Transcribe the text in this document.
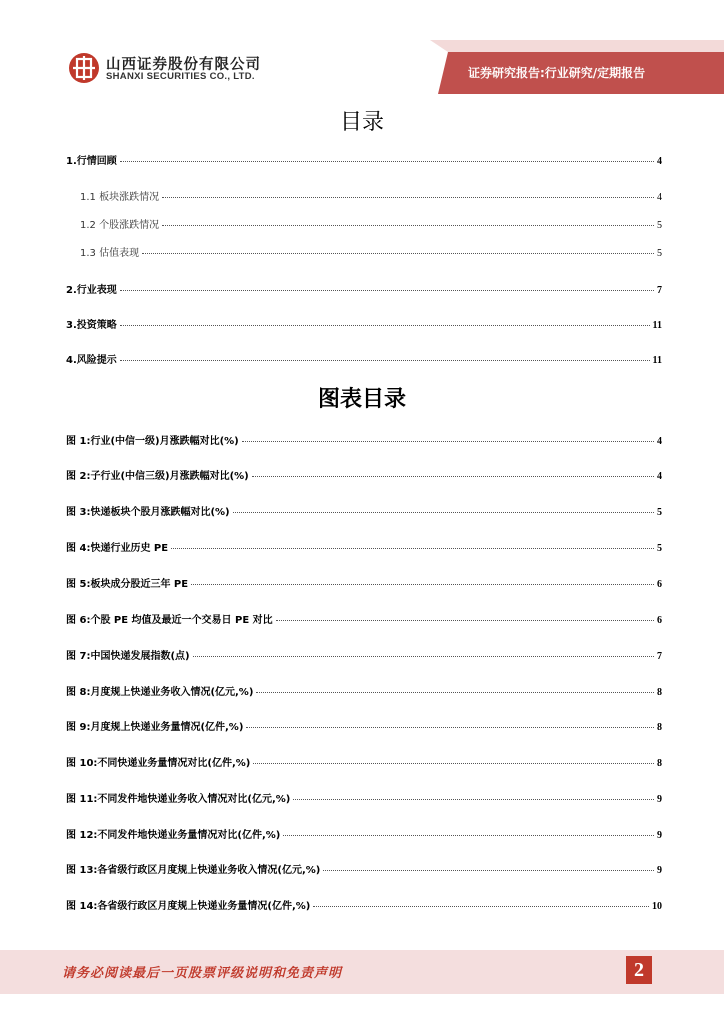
山西证券股份有限公司
SHANXI SECURITIES CO., LTD.	证券研究报告:行业研究/定期报告
目录
1.行情回顾	4
1.1 板块涨跌情况	4
1.2 个股涨跌情况	5
1.3 估值表现	5
2.行业表现	7
3.投资策略	11
4.风险提示	11
图表目录
图 1:行业(中信一级)月涨跌幅对比(%)	4
图 2:子行业(中信三级)月涨跌幅对比(%)	4
图 3:快递板块个股月涨跌幅对比(%)	5
图 4:快递行业历史 PE	5
图 5:板块成分股近三年 PE	6
图 6:个股 PE 均值及最近一个交易日 PE 对比	6
图 7:中国快递发展指数(点)	7
图 8:月度规上快递业务收入情况(亿元,%)	8
图 9:月度规上快递业务量情况(亿件,%)	8
图 10:不同快递业务量情况对比(亿件,%)	8
图 11:不同发件地快递业务收入情况对比(亿元,%)	9
图 12:不同发件地快递业务量情况对比(亿件,%)	9
图 13:各省级行政区月度规上快递业务收入情况(亿元,%)	9
图 14:各省级行政区月度规上快递业务量情况(亿件,%)	10
请务必阅读最后一页股票评级说明和免责声明	2
